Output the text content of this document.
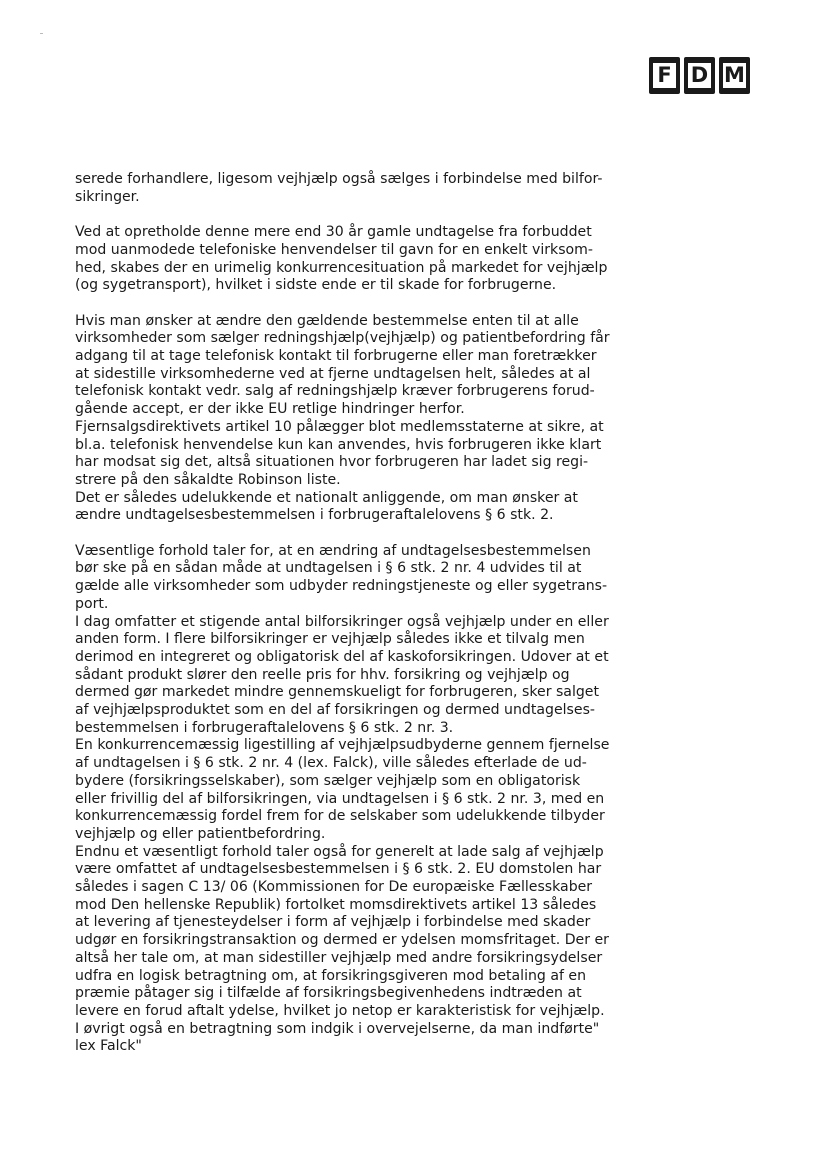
F D M
serede forhandlere, ligesom vejhjælp også sælges i forbindelse med bilfor-
sikringer.
Ved at opretholde denne mere end 30 år gamle undtagelse fra forbuddet
mod uanmodede telefoniske henvendelser til gavn for en enkelt virksom-
hed, skabes der en urimelig konkurrencesituation på markedet for vejhjælp
(og sygetransport), hvilket i sidste ende er til skade for forbrugerne.
Hvis man ønsker at ændre den gældende bestemmelse enten til at alle
virksomheder som sælger redningshjælp(vejhjælp) og patientbefordring får
adgang til at tage telefonisk kontakt til forbrugerne eller man foretrækker
at sidestille virksomhederne ved at fjerne undtagelsen helt, således at al
telefonisk kontakt vedr. salg af redningshjælp kræver forbrugerens forud-
gående accept, er der ikke EU retlige hindringer herfor.
Fjernsalgsdirektivets artikel 10 pålægger blot medlemsstaterne at sikre, at
bl.a. telefonisk henvendelse kun kan anvendes, hvis forbrugeren ikke klart
har modsat sig det, altså situationen hvor forbrugeren har ladet sig regi-
strere på den såkaldte Robinson liste.
Det er således udelukkende et nationalt anliggende, om man ønsker at
ændre undtagelsesbestemmelsen i forbrugeraftalelovens § 6 stk. 2.
Væsentlige forhold taler for, at en ændring af undtagelsesbestemmelsen
bør ske på en sådan måde at undtagelsen i § 6 stk. 2 nr. 4 udvides til at
gælde alle virksomheder som udbyder redningstjeneste og eller sygetrans-
port.
I dag omfatter et stigende antal bilforsikringer også vejhjælp under en eller
anden form. I flere bilforsikringer er vejhjælp således ikke et tilvalg men
derimod en integreret og obligatorisk del af kaskoforsikringen. Udover at et
sådant produkt slører den reelle pris for hhv. forsikring og vejhjælp og
dermed gør markedet mindre gennemskueligt for forbrugeren, sker salget
af vejhjælpsproduktet som en del af forsikringen og dermed undtagelses-
bestemmelsen i forbrugeraftalelovens § 6 stk. 2 nr. 3.
En konkurrencemæssig ligestilling af vejhjælpsudbyderne gennem fjernelse
af undtagelsen i § 6 stk. 2 nr. 4 (lex. Falck), ville således efterlade de ud-
bydere (forsikringsselskaber), som sælger vejhjælp som en obligatorisk
eller frivillig del af bilforsikringen, via undtagelsen i § 6 stk. 2 nr. 3, med en
konkurrencemæssig fordel frem for de selskaber som udelukkende tilbyder
vejhjælp og eller patientbefordring.
Endnu et væsentligt forhold taler også for generelt at lade salg af vejhjælp
være omfattet af undtagelsesbestemmelsen i § 6 stk. 2. EU domstolen har
således i sagen C 13/ 06 (Kommissionen for De europæiske Fællesskaber
mod Den hellenske Republik) fortolket momsdirektivets artikel 13 således
at levering af tjenesteydelser i form af vejhjælp i forbindelse med skader
udgør en forsikringstransaktion og dermed er ydelsen momsfritaget. Der er
altså her tale om, at man sidestiller vejhjælp med andre forsikringsydelser
udfra en logisk betragtning om, at forsikringsgiveren mod betaling af en
præmie påtager sig i tilfælde af forsikringsbegivenhedens indtræden at
levere en forud aftalt ydelse, hvilket jo netop er karakteristisk for vejhjælp.
I øvrigt også en betragtning som indgik i overvejelserne, da man indførte"
lex Falck"
